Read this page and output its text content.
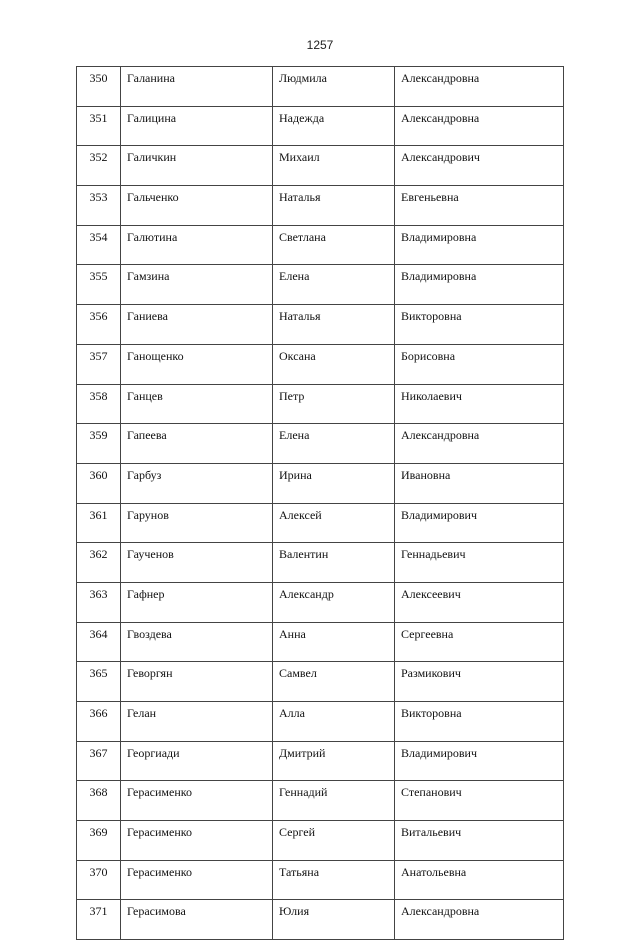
1257
350	Галанина	Людмила	Александровна
351	Галицина	Надежда	Александровна
352	Галичкин	Михаил	Александрович
353	Гальченко	Наталья	Евгеньевна
354	Галютина	Светлана	Владимировна
355	Гамзина	Елена	Владимировна
356	Ганиева	Наталья	Викторовна
357	Ганощенко	Оксана	Борисовна
358	Ганцев	Петр	Николаевич
359	Гапеева	Елена	Александровна
360	Гарбуз	Ирина	Ивановна
361	Гарунов	Алексей	Владимирович
362	Гаученов	Валентин	Геннадьевич
363	Гафнер	Александр	Алексеевич
364	Гвоздева	Анна	Сергеевна
365	Геворгян	Самвел	Размикович
366	Гелан	Алла	Викторовна
367	Георгиади	Дмитрий	Владимирович
368	Герасименко	Геннадий	Степанович
369	Герасименко	Сергей	Витальевич
370	Герасименко	Татьяна	Анатольевна
371	Герасимова	Юлия	Александровна
